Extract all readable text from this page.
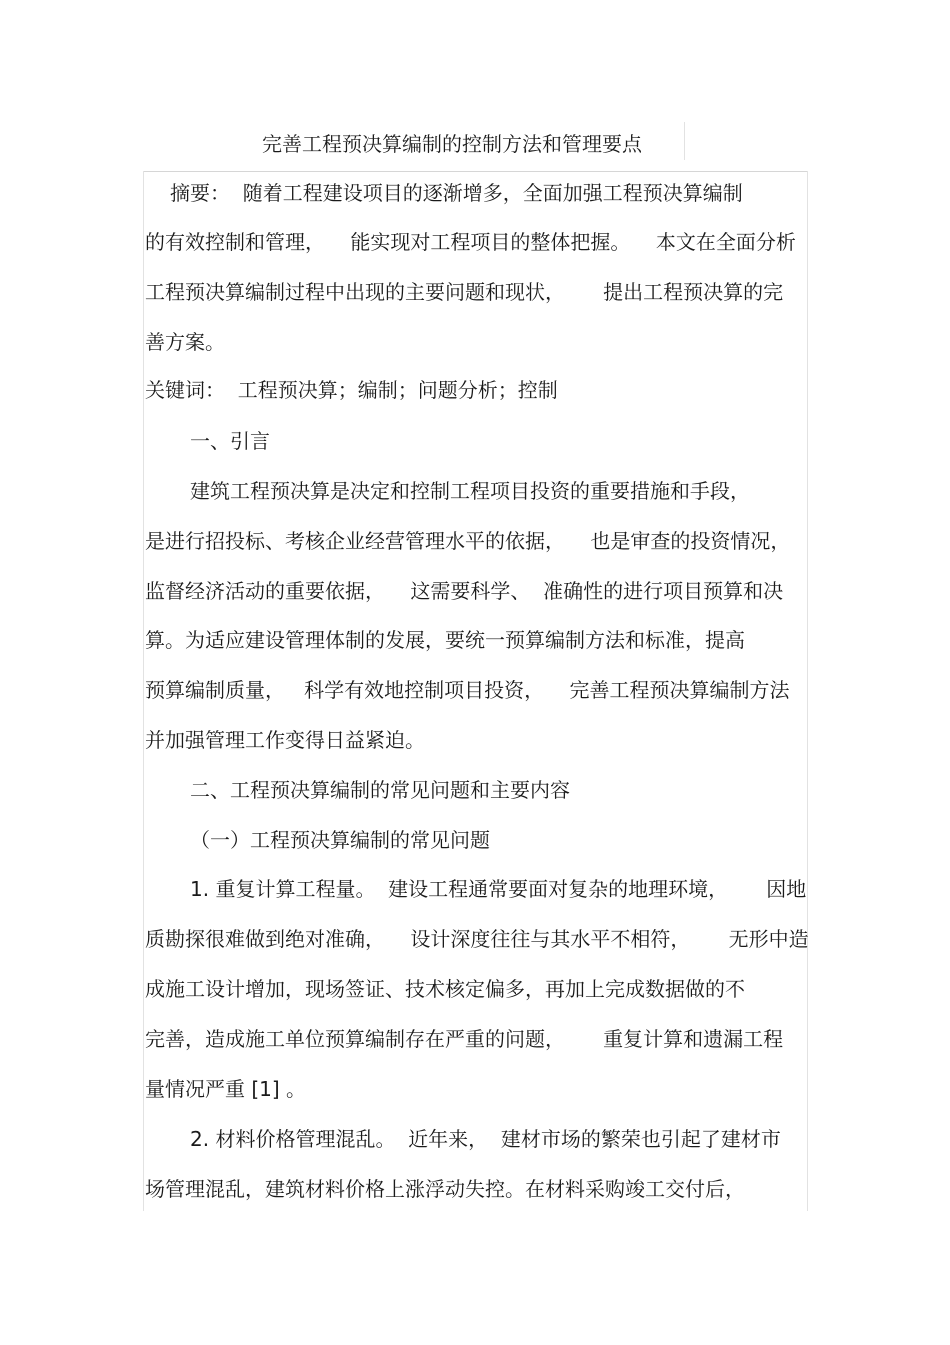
完善工程预决算编制的控制方法和管理要点
摘要：  随着工程建设项目的逐渐增多，全面加强工程预决算编制
的有效控制和管理，    能实现对工程项目的整体把握。    本文在全面分析
工程预决算编制过程中出现的主要问题和现状，      提出工程预决算的完
善方案。
关键词：  工程预决算；编制；问题分析；控制
一、引言
建筑工程预决算是决定和控制工程项目投资的重要措施和手段，
是进行招投标、考核企业经营管理水平的依据，    也是审查的投资情况，
监督经济活动的重要依据，    这需要科学、  准确性的进行项目预算和决
算。为适应建设管理体制的发展，要统一预算编制方法和标准，提高
预算编制质量，   科学有效地控制项目投资，    完善工程预决算编制方法
并加强管理工作变得日益紧迫。
二、工程预决算编制的常见问题和主要内容
（一）工程预决算编制的常见问题
1. 重复计算工程量。  建设工程通常要面对复杂的地理环境，      因地
质勘探很难做到绝对准确，    设计深度往往与其水平不相符，      无形中造
成施工设计增加，现场签证、技术核定偏多，再加上完成数据做的不
完善，造成施工单位预算编制存在严重的问题，      重复计算和遗漏工程
量情况严重 [1] 。
2. 材料价格管理混乱。  近年来，  建材市场的繁荣也引起了建材市
场管理混乱，建筑材料价格上涨浮动失控。在材料采购竣工交付后，
